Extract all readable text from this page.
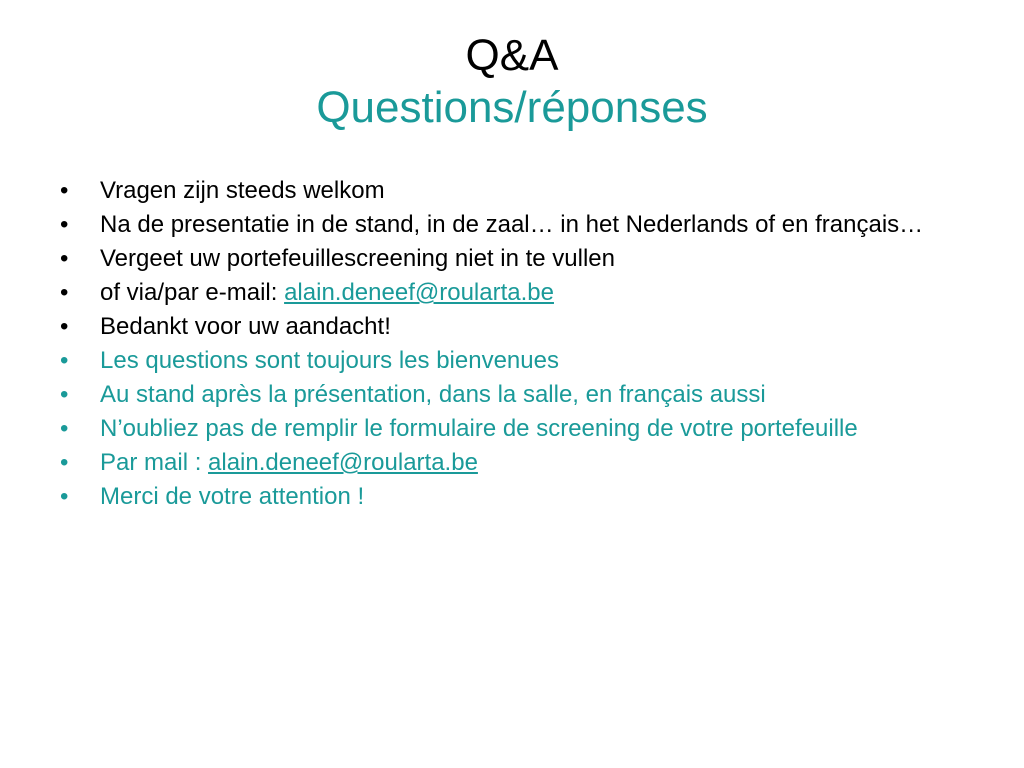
Q&A
Questions/réponses
•	Vragen zijn steeds welkom
•	Na de presentatie in de stand, in de zaal… in het Nederlands of en français…
•	Vergeet uw portefeuillescreening niet in te vullen
•	of via/par e-mail: alain.deneef@roularta.be
•	Bedankt voor uw aandacht!
•	Les questions sont toujours les bienvenues
•	Au stand après la présentation, dans la salle, en français aussi
•	N’oubliez pas de remplir le formulaire de screening de votre portefeuille
•	Par mail : alain.deneef@roularta.be
•	Merci de votre attention !
